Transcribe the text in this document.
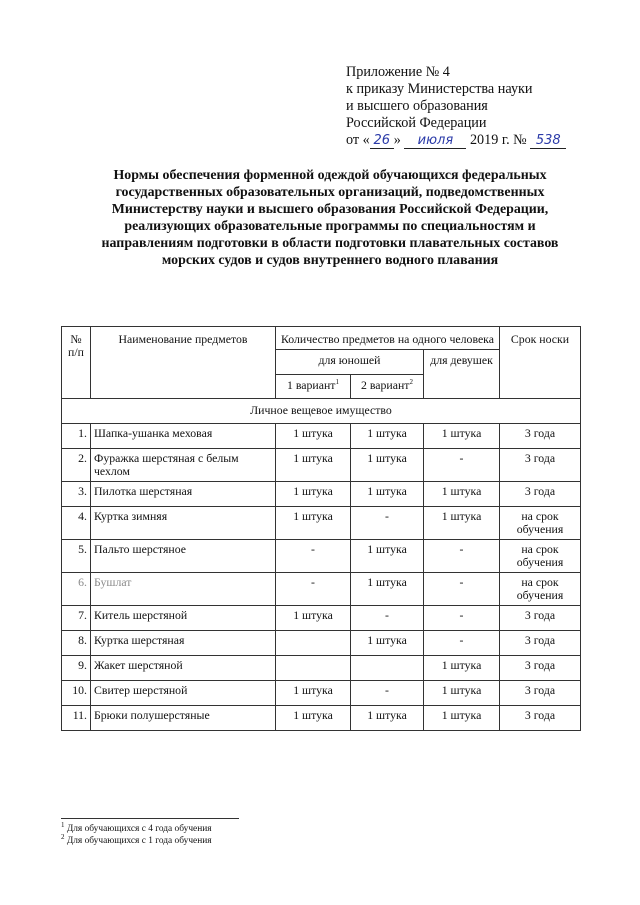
Приложение № 4
к приказу Министерства науки
и высшего образования
Российской Федерации
от « 26 » июля 2019 г. № 538
Нормы обеспечения форменной одеждой обучающихся федеральных государственных образовательных организаций, подведомственных Министерству науки и высшего образования Российской Федерации, реализующих образовательные программы по специальностям и направлениям подготовки в области подготовки плавательных составов морских судов и судов внутреннего водного плавания
№ п/п	Наименование предметов	Количество предметов на одного человека			Срок носки
		для юношей		для девушек	
		1 вариант$^1$	2 вариант$^2$
Личное вещевое имущество					
1.	Шапка-ушанка меховая	1 штука	1 штука	1 штука	3 года
2.	Фуражка шерстяная с белым чехлом	1 штука	1 штука	-	3 года
3.	Пилотка шерстяная	1 штука	1 штука	1 штука	3 года
4.	Куртка зимняя	1 штука	-	1 штука	на срок обучения
5.	Пальто шерстяное	-	1 штука	-	на срок обучения
6.	Бушлат	-	1 штука	-	на срок обучения
7.	Китель шерстяной	1 штука	-	-	3 года
8.	Куртка шерстяная		1 штука	-	3 года
9.	Жакет шерстяной			1 штука	3 года
10.	Свитер шерстяной	1 штука	-	1 штука	3 года
11.	Брюки полушерстяные	1 штука	1 штука	1 штука	3 года
$^1$ Для обучающихся с 4 года обучения
$^2$ Для обучающихся с 1 года обучения
